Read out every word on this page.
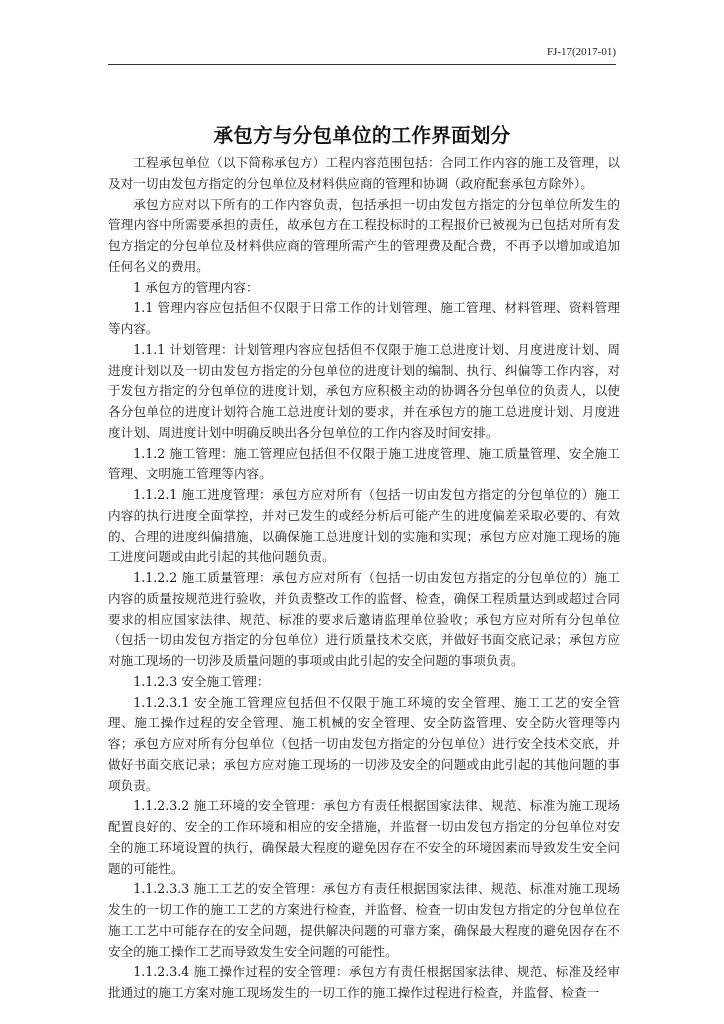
FJ-17(2017-01)
承包方与分包单位的工作界面划分

工程承包单位（以下简称承包方）工程内容范围包括：合同工作内容的施工及管理，以及对一切由发包方指定的分包单位及材料供应商的管理和协调（政府配套承包方除外）。

承包方应对以下所有的工作内容负责，包括承担一切由发包方指定的分包单位所发生的管理内容中所需要承担的责任，故承包方在工程投标时的工程报价已被视为已包括对所有发包方指定的分包单位及材料供应商的管理所需产生的管理费及配合费，不再予以增加或追加任何名义的费用。

1 承包方的管理内容：

1.1 管理内容应包括但不仅限于日常工作的计划管理、施工管理、材料管理、资料管理等内容。

1.1.1 计划管理：计划管理内容应包括但不仅限于施工总进度计划、月度进度计划、周进度计划以及一切由发包方指定的分包单位的进度计划的编制、执行、纠偏等工作内容，对于发包方指定的分包单位的进度计划，承包方应积极主动的协调各分包单位的负责人，以使各分包单位的进度计划符合施工总进度计划的要求，并在承包方的施工总进度计划、月度进度计划、周进度计划中明确反映出各分包单位的工作内容及时间安排。

1.1.2 施工管理：施工管理应包括但不仅限于施工进度管理、施工质量管理、安全施工管理、文明施工管理等内容。

1.1.2.1 施工进度管理：承包方应对所有（包括一切由发包方指定的分包单位的）施工内容的执行进度全面掌控，并对已发生的或经分析后可能产生的进度偏差采取必要的、有效的、合理的进度纠偏措施，以确保施工总进度计划的实施和实现；承包方应对施工现场的施工进度问题或由此引起的其他问题负责。

1.1.2.2 施工质量管理：承包方应对所有（包括一切由发包方指定的分包单位的）施工内容的质量按规范进行验收，并负责整改工作的监督、检查，确保工程质量达到或超过合同要求的相应国家法律、规范、标准的要求后邀请监理单位验收；承包方应对所有分包单位（包括一切由发包方指定的分包单位）进行质量技术交底，并做好书面交底记录；承包方应对施工现场的一切涉及质量问题的事项或由此引起的安全问题的事项负责。

1.1.2.3 安全施工管理：

1.1.2.3.1 安全施工管理应包括但不仅限于施工环境的安全管理、施工工艺的安全管理、施工操作过程的安全管理、施工机械的安全管理、安全防盗管理、安全防火管理等内容；承包方应对所有分包单位（包括一切由发包方指定的分包单位）进行安全技术交底，并做好书面交底记录；承包方应对施工现场的一切涉及安全的问题或由此引起的其他问题的事项负责。

1.1.2.3.2 施工环境的安全管理：承包方有责任根据国家法律、规范、标准为施工现场配置良好的、安全的工作环境和相应的安全措施，并监督一切由发包方指定的分包单位对安全的施工环境设置的执行，确保最大程度的避免因存在不安全的环境因素而导致发生安全问题的可能性。

1.1.2.3.3 施工工艺的安全管理：承包方有责任根据国家法律、规范、标准对施工现场发生的一切工作的施工工艺的方案进行检查，并监督、检查一切由发包方指定的分包单位在施工工艺中可能存在的安全问题，提供解决问题的可靠方案，确保最大程度的避免因存在不安全的施工操作工艺而导致发生安全问题的可能性。

1.1.2.3.4 施工操作过程的安全管理：承包方有责任根据国家法律、规范、标准及经审批通过的施工方案对施工现场发生的一切工作的施工操作过程进行检查，并监督、检查一
